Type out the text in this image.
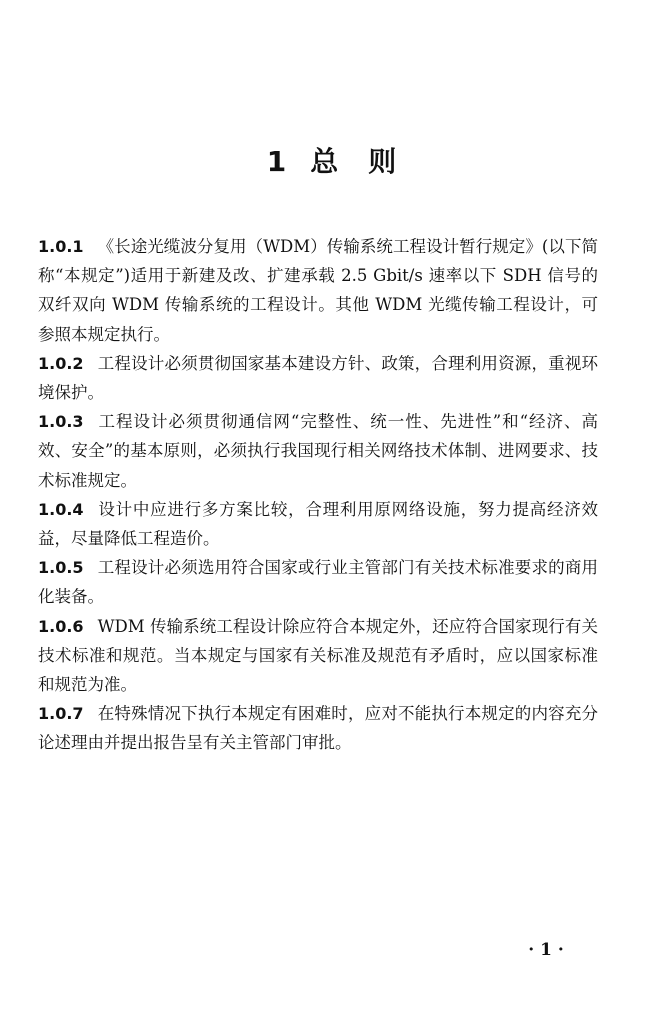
1 总 则

1.0.1 《长途光缆波分复用（WDM）传输系统工程设计暂行规定》(以下简称“本规定”)适用于新建及改、扩建承载 2.5 Gbit/s 速率以下 SDH 信号的双纤双向 WDM 传输系统的工程设计。其他 WDM 光缆传输工程设计，可参照本规定执行。

1.0.2 工程设计必须贯彻国家基本建设方针、政策，合理利用资源，重视环境保护。

1.0.3 工程设计必须贯彻通信网“完整性、统一性、先进性”和“经济、高效、安全”的基本原则，必须执行我国现行相关网络技术体制、进网要求、技术标准规定。

1.0.4 设计中应进行多方案比较，合理利用原网络设施，努力提高经济效益，尽量降低工程造价。

1.0.5 工程设计必须选用符合国家或行业主管部门有关技术标准要求的商用化装备。

1.0.6 WDM 传输系统工程设计除应符合本规定外，还应符合国家现行有关技术标准和规范。当本规定与国家有关标准及规范有矛盾时，应以国家标准和规范为准。

1.0.7 在特殊情况下执行本规定有困难时，应对不能执行本规定的内容充分论述理由并提出报告呈有关主管部门审批。

· 1 ·
